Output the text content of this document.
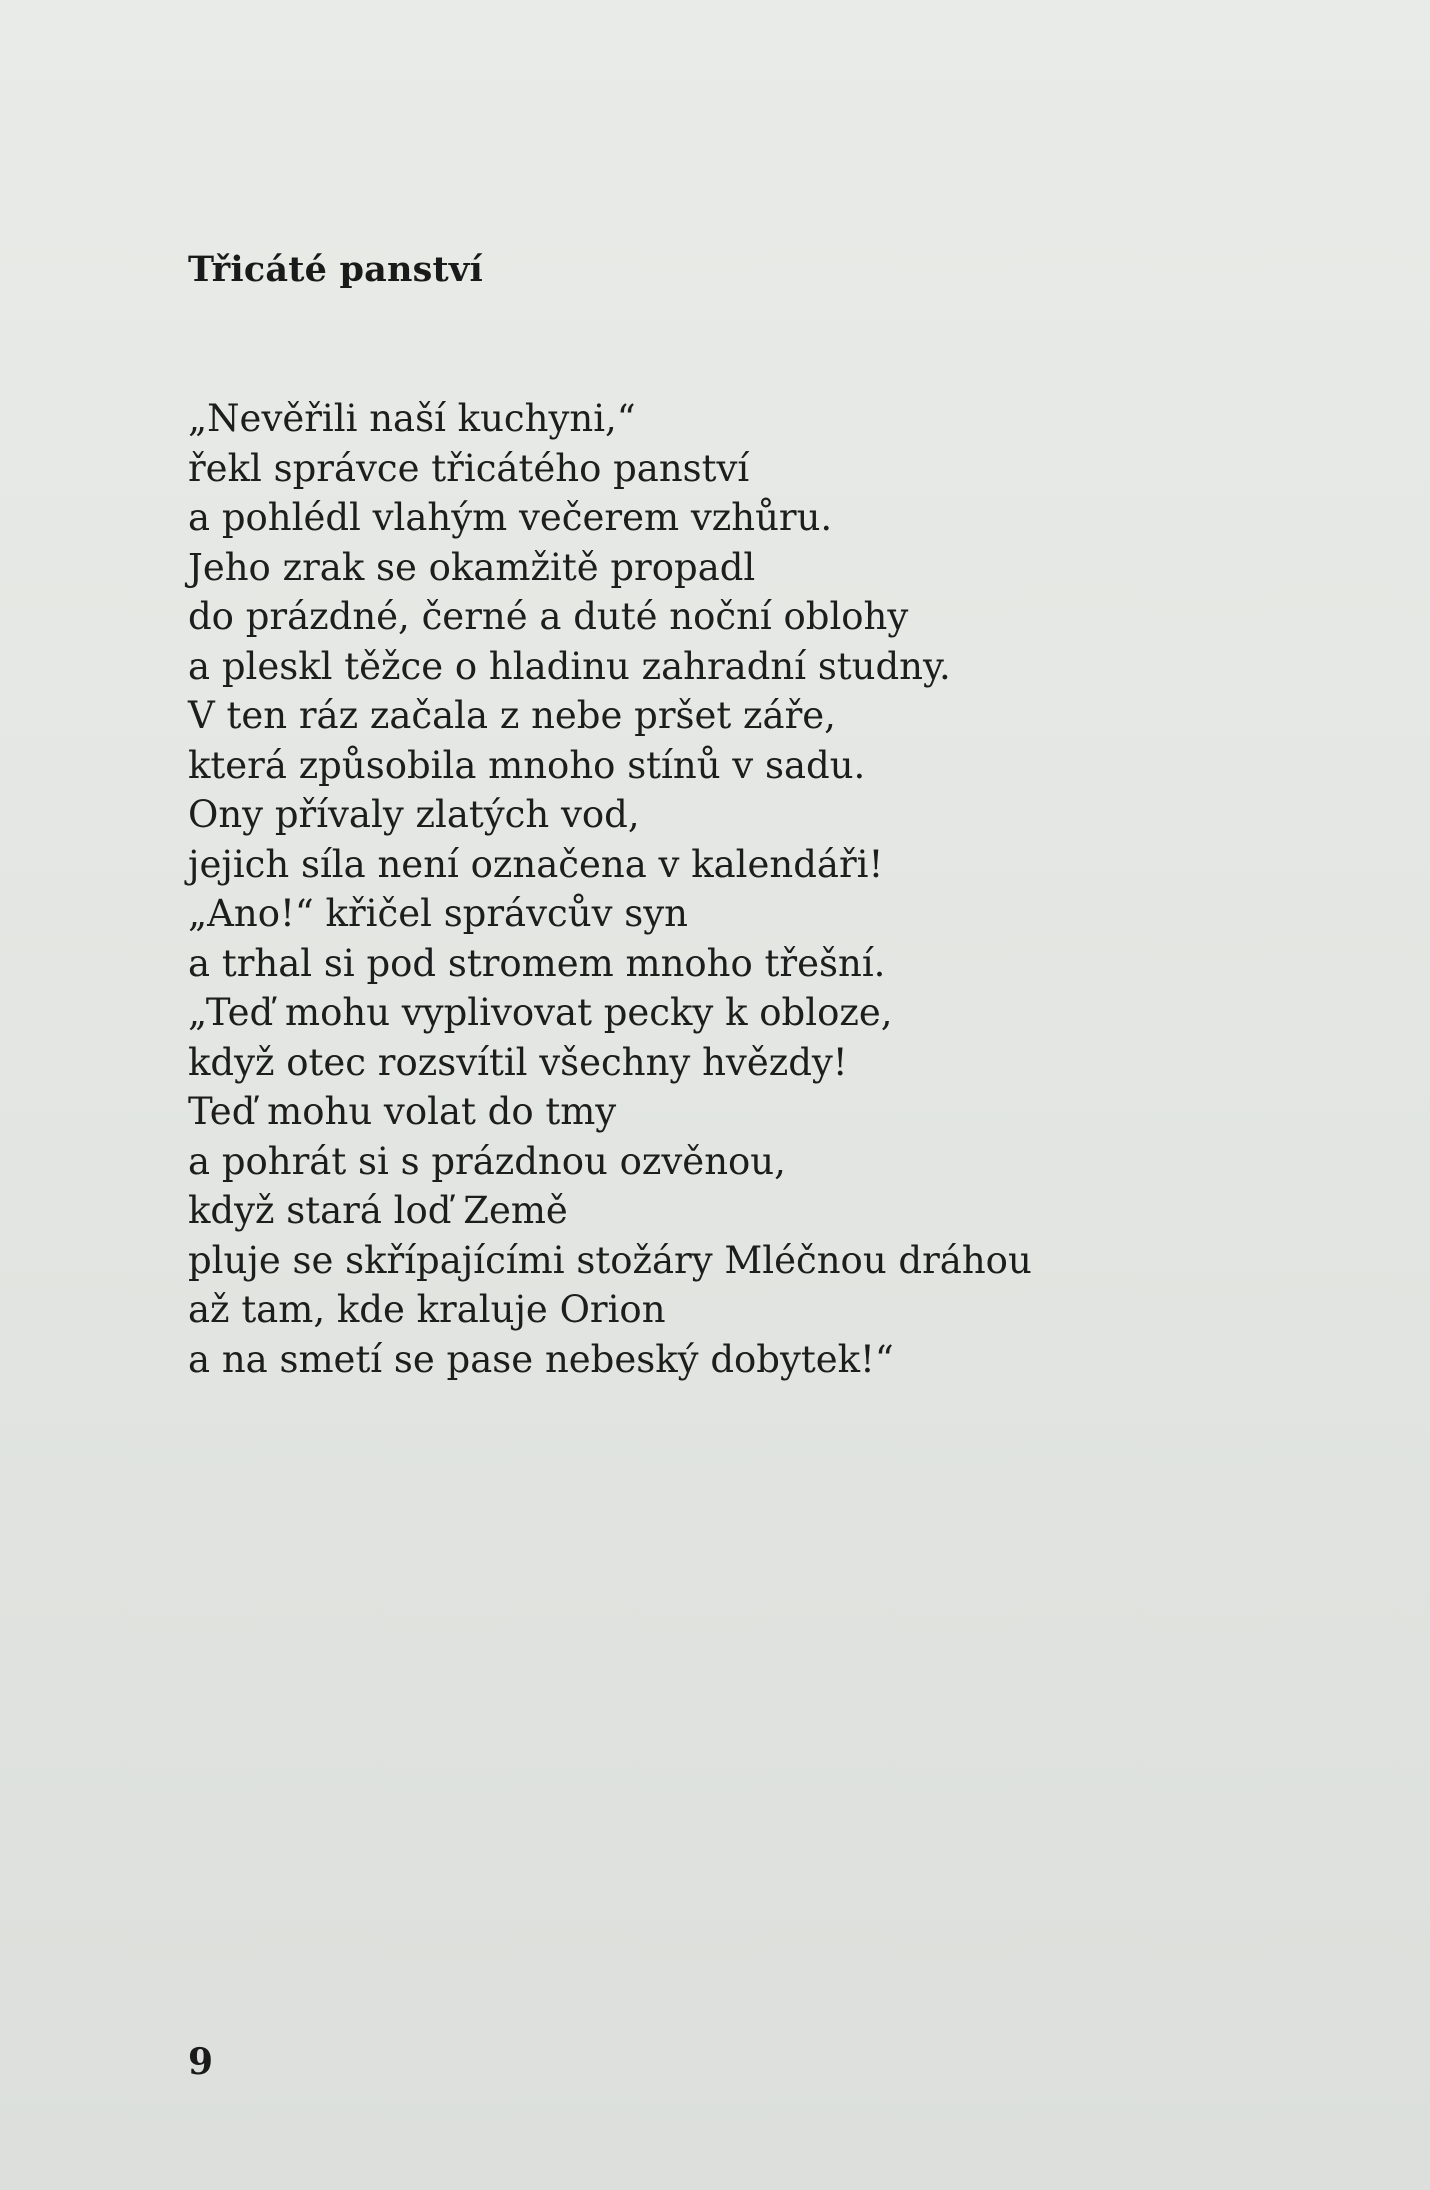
Třicáté panství
„Nevěřili naší kuchyni,“
řekl správce třicátého panství
a pohlédl vlahým večerem vzhůru.
Jeho zrak se okamžitě propadl
do prázdné, černé a duté noční oblohy
a pleskl těžce o hladinu zahradní studny.
V ten ráz začala z nebe pršet záře,
která způsobila mnoho stínů v sadu.
Ony přívaly zlatých vod,
jejich síla není označena v kalendáři!
„Ano!“ křičel správcův syn
a trhal si pod stromem mnoho třešní.
„Teď mohu vyplivovat pecky k obloze,
když otec rozsvítil všechny hvězdy!
Teď mohu volat do tmy
a pohrát si s prázdnou ozvěnou,
když stará loď Země
pluje se skřípajícími stožáry Mléčnou dráhou
až tam, kde kraluje Orion
a na smetí se pase nebeský dobytek!“
9
